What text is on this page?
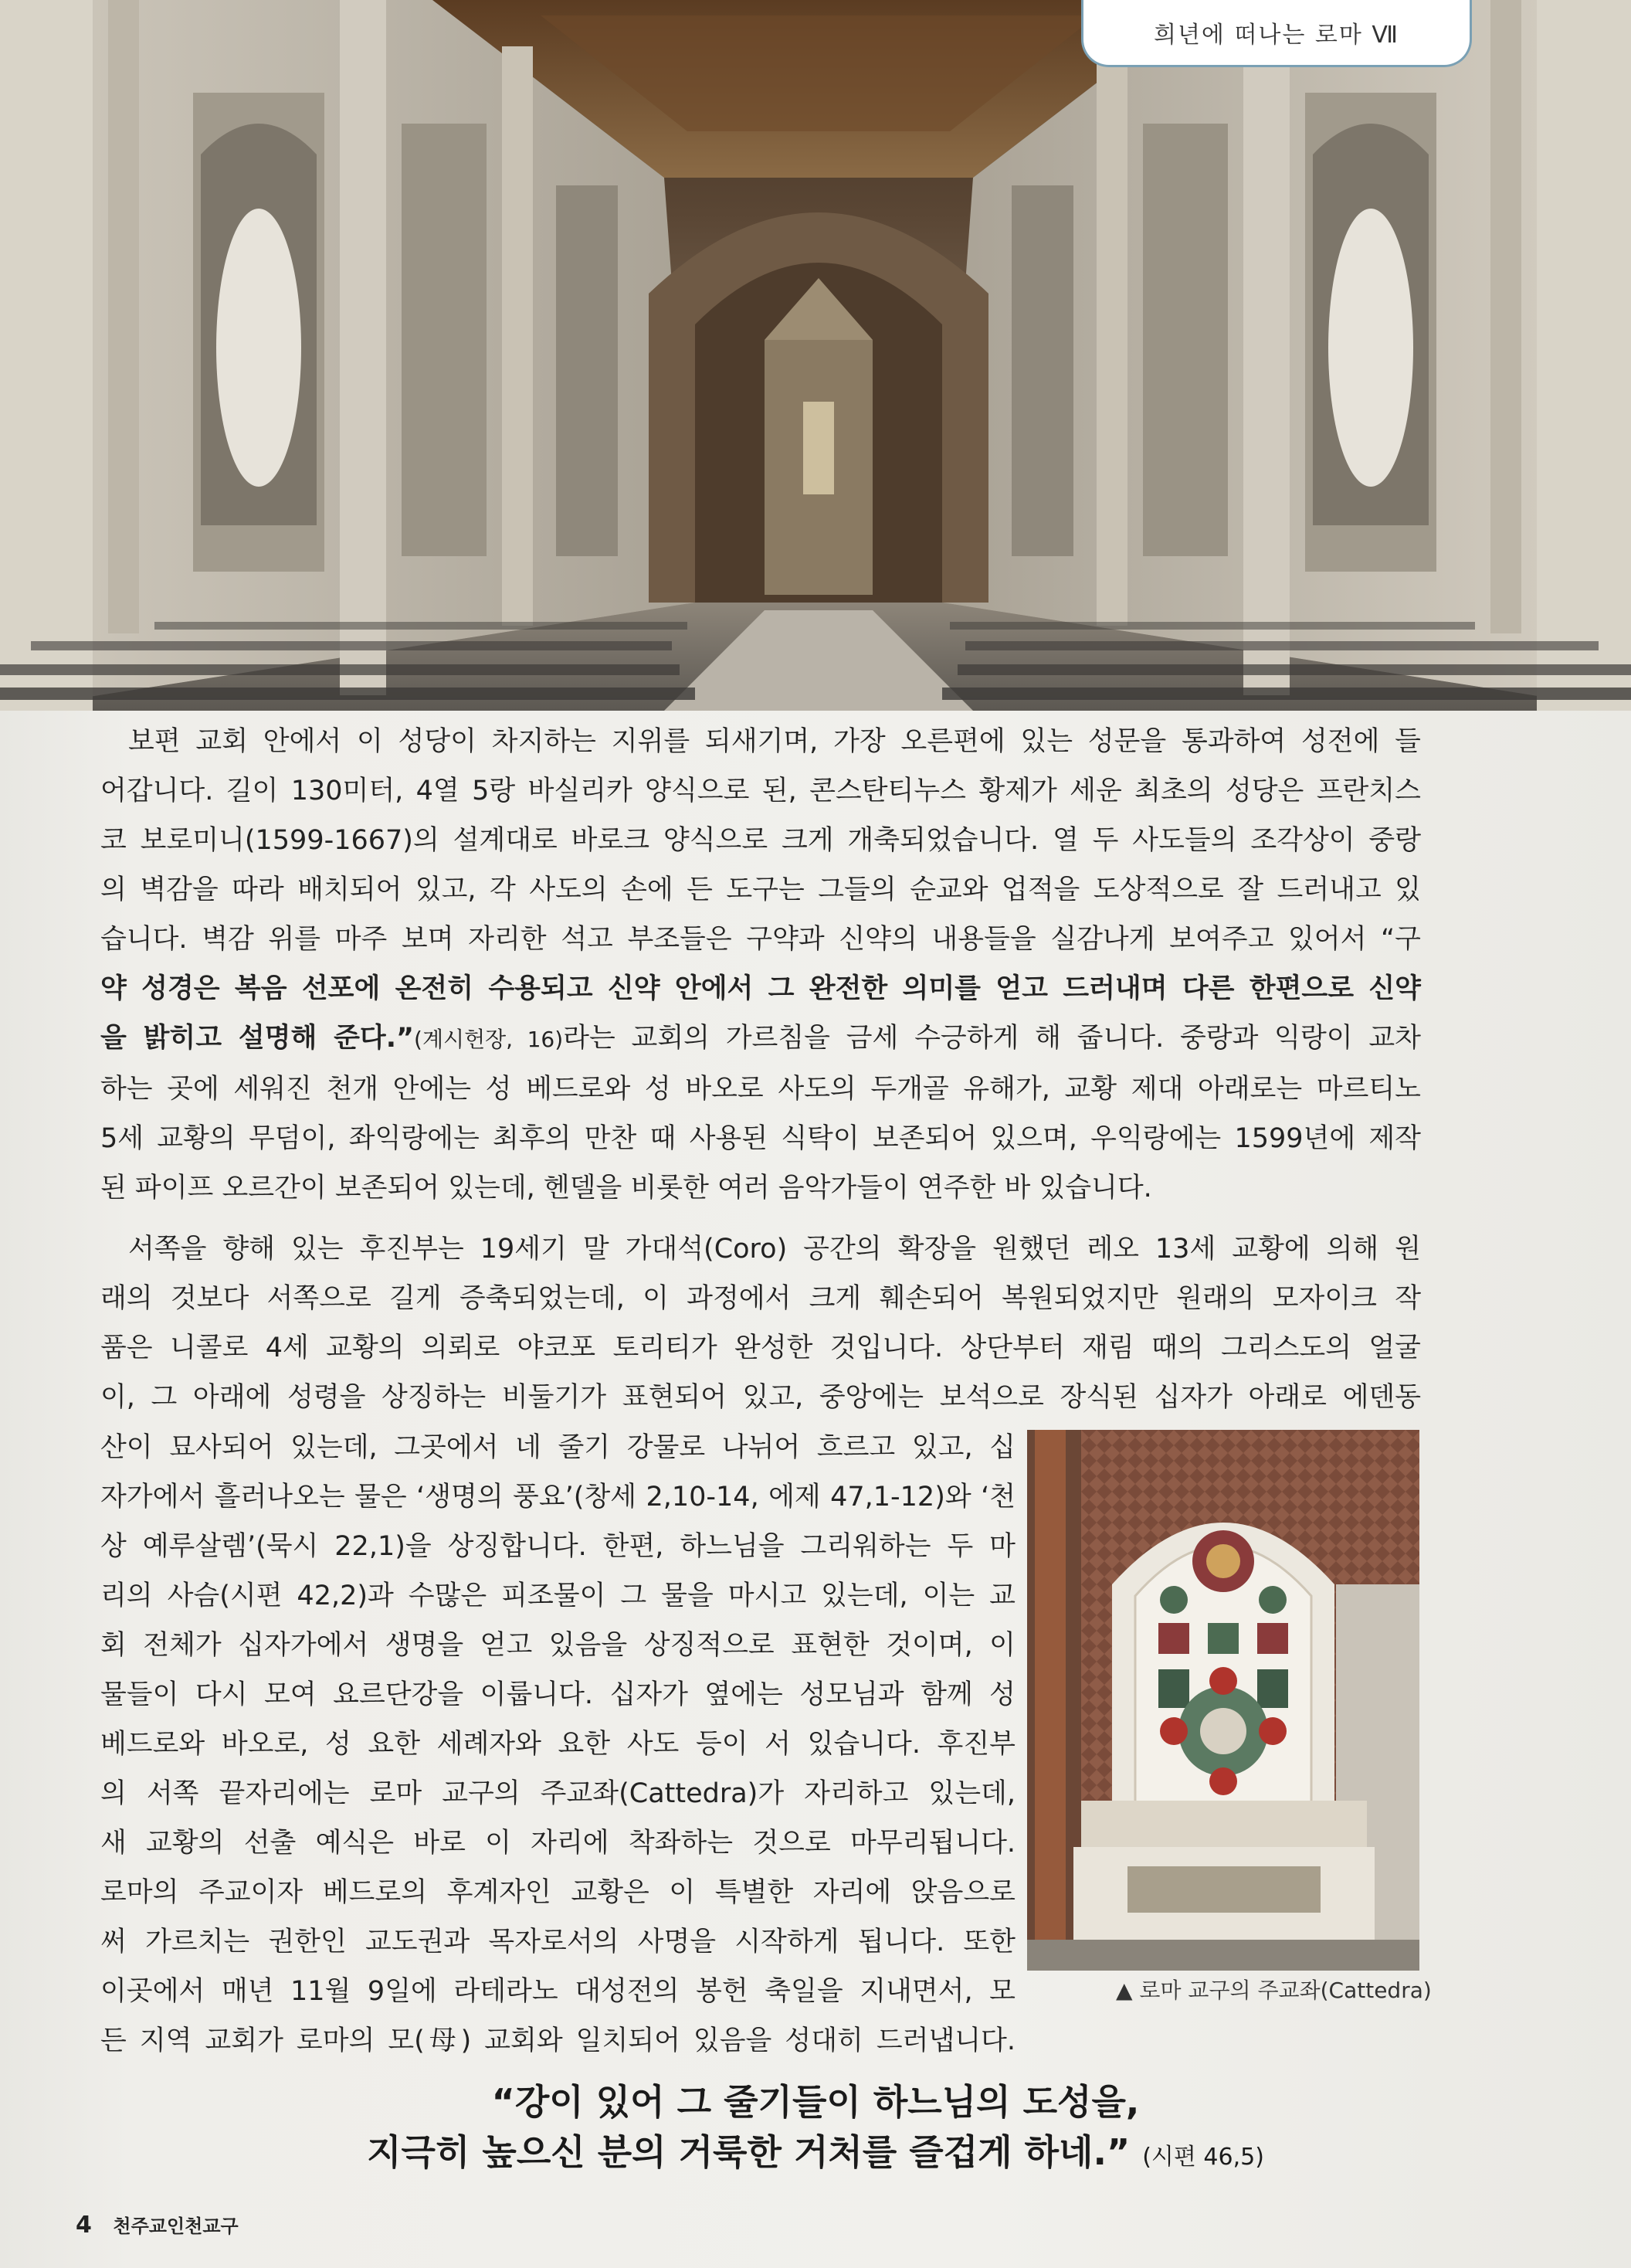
희년에 떠나는 로마 Ⅶ
보편 교회 안에서 이 성당이 차지하는 지위를 되새기며, 가장 오른편에 있는 성문을 통과하여 성전에 들
어갑니다. 길이 130미터, 4열 5랑 바실리카 양식으로 된, 콘스탄티누스 황제가 세운 최초의 성당은 프란치스
코 보로미니(1599-1667)의 설계대로 바로크 양식으로 크게 개축되었습니다. 열 두 사도들의 조각상이 중랑
의 벽감을 따라 배치되어 있고, 각 사도의 손에 든 도구는 그들의 순교와 업적을 도상적으로 잘 드러내고 있
습니다. 벽감 위를 마주 보며 자리한 석고 부조들은 구약과 신약의 내용들을 실감나게 보여주고 있어서 “구
약 성경은 복음 선포에 온전히 수용되고 신약 안에서 그 완전한 의미를 얻고 드러내며 다른 한편으로 신약
을 밝히고 설명해 준다.”(계시헌장, 16)라는 교회의 가르침을 금세 수긍하게 해 줍니다. 중랑과 익랑이 교차
하는 곳에 세워진 천개 안에는 성 베드로와 성 바오로 사도의 두개골 유해가, 교황 제대 아래로는 마르티노
5세 교황의 무덤이, 좌익랑에는 최후의 만찬 때 사용된 식탁이 보존되어 있으며, 우익랑에는 1599년에 제작
된 파이프 오르간이 보존되어 있는데, 헨델을 비롯한 여러 음악가들이 연주한 바 있습니다.
서쪽을 향해 있는 후진부는 19세기 말 가대석(Coro) 공간의 확장을 원했던 레오 13세 교황에 의해 원
래의 것보다 서쪽으로 길게 증축되었는데, 이 과정에서 크게 훼손되어 복원되었지만 원래의 모자이크 작
품은 니콜로 4세 교황의 의뢰로 야코포 토리티가 완성한 것입니다. 상단부터 재림 때의 그리스도의 얼굴
이, 그 아래에 성령을 상징하는 비둘기가 표현되어 있고, 중앙에는 보석으로 장식된 십자가 아래로 에덴동
산이 묘사되어 있는데, 그곳에서 네 줄기 강물로 나뉘어 흐르고 있고, 십
자가에서 흘러나오는 물은 ‘생명의 풍요’(창세 2,10-14, 에제 47,1-12)와 ‘천
상 예루살렘’(묵시 22,1)을 상징합니다. 한편, 하느님을 그리워하는 두 마
리의 사슴(시편 42,2)과 수많은 피조물이 그 물을 마시고 있는데, 이는 교
회 전체가 십자가에서 생명을 얻고 있음을 상징적으로 표현한 것이며, 이
물들이 다시 모여 요르단강을 이룹니다. 십자가 옆에는 성모님과 함께 성
베드로와 바오로, 성 요한 세례자와 요한 사도 등이 서 있습니다. 후진부
의 서쪽 끝자리에는 로마 교구의 주교좌(Cattedra)가 자리하고 있는데,
새 교황의 선출 예식은 바로 이 자리에 착좌하는 것으로 마무리됩니다.
로마의 주교이자 베드로의 후계자인 교황은 이 특별한 자리에 앉음으로
써 가르치는 권한인 교도권과 목자로서의 사명을 시작하게 됩니다. 또한
이곳에서 매년 11월 9일에 라테라노 대성전의 봉헌 축일을 지내면서, 모
든 지역 교회가 로마의 모(母) 교회와 일치되어 있음을 성대히 드러냅니다.
▲ 로마 교구의 주교좌(Cattedra)
“강이 있어 그 줄기들이 하느님의 도성을,
지극히 높으신 분의 거룩한 거처를 즐겁게 하네.” (시편 46,5)
4 천주교인천교구
